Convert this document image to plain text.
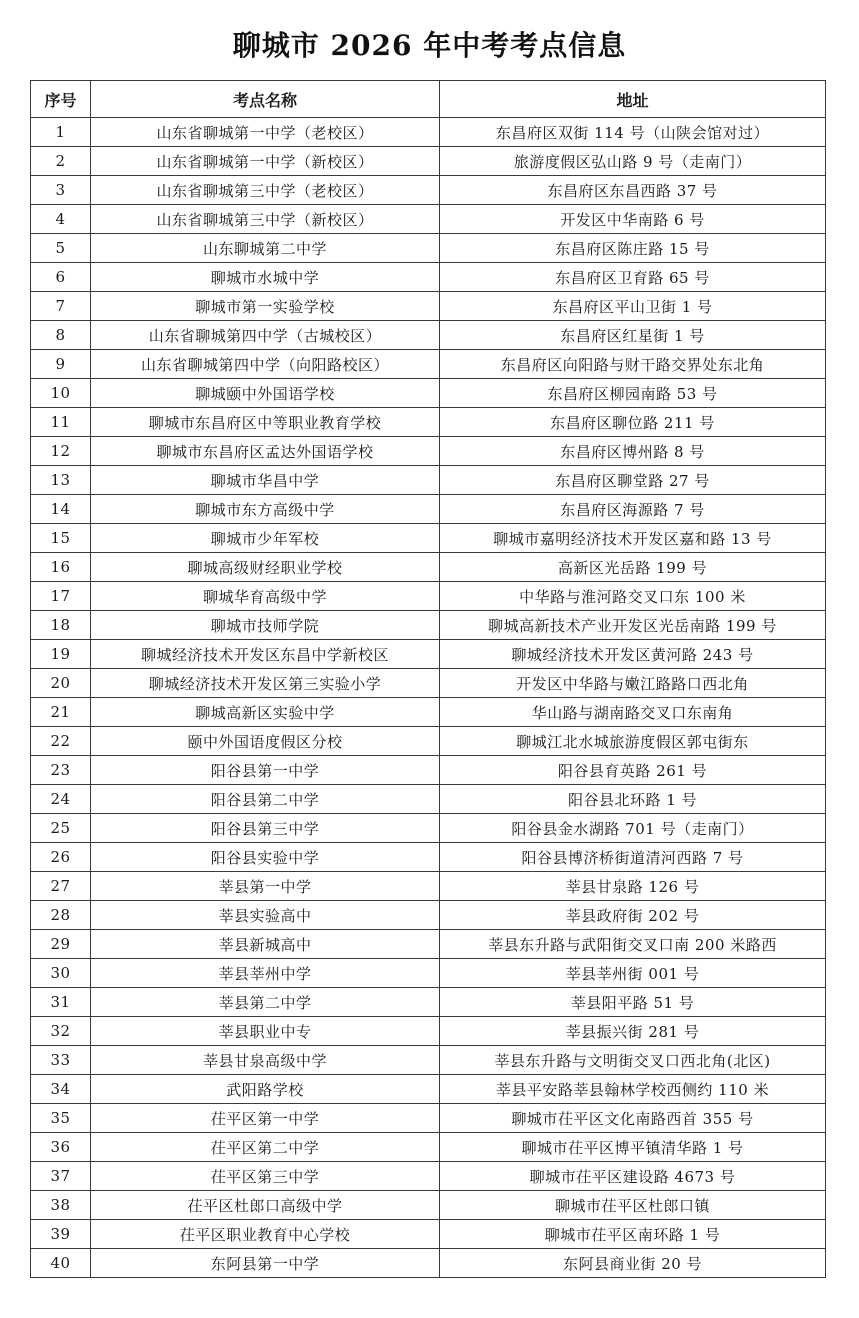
聊城市 2026 年中考考点信息
序号	考点名称	地址
1	山东省聊城第一中学（老校区）	东昌府区双街 114 号（山陕会馆对过）
2	山东省聊城第一中学（新校区）	旅游度假区弘山路 9 号（走南门）
3	山东省聊城第三中学（老校区）	东昌府区东昌西路 37 号
4	山东省聊城第三中学（新校区）	开发区中华南路 6 号
5	山东聊城第二中学	东昌府区陈庄路 15 号
6	聊城市水城中学	东昌府区卫育路 65 号
7	聊城市第一实验学校	东昌府区平山卫街 1 号
8	山东省聊城第四中学（古城校区）	东昌府区红星街 1 号
9	山东省聊城第四中学（向阳路校区）	东昌府区向阳路与财干路交界处东北角
10	聊城颐中外国语学校	东昌府区柳园南路 53 号
11	聊城市东昌府区中等职业教育学校	东昌府区聊位路 211 号
12	聊城市东昌府区孟达外国语学校	东昌府区博州路 8 号
13	聊城市华昌中学	东昌府区聊堂路 27 号
14	聊城市东方高级中学	东昌府区海源路 7 号
15	聊城市少年军校	聊城市嘉明经济技术开发区嘉和路 13 号
16	聊城高级财经职业学校	高新区光岳路 199 号
17	聊城华育高级中学	中华路与淮河路交叉口东 100 米
18	聊城市技师学院	聊城高新技术产业开发区光岳南路 199 号
19	聊城经济技术开发区东昌中学新校区	聊城经济技术开发区黄河路 243 号
20	聊城经济技术开发区第三实验小学	开发区中华路与嫩江路路口西北角
21	聊城高新区实验中学	华山路与湖南路交叉口东南角
22	颐中外国语度假区分校	聊城江北水城旅游度假区郭屯街东
23	阳谷县第一中学	阳谷县育英路 261 号
24	阳谷县第二中学	阳谷县北环路 1 号
25	阳谷县第三中学	阳谷县金水湖路 701 号（走南门）
26	阳谷县实验中学	阳谷县博济桥街道清河西路 7 号
27	莘县第一中学	莘县甘泉路 126 号
28	莘县实验高中	莘县政府街 202 号
29	莘县新城高中	莘县东升路与武阳街交叉口南 200 米路西
30	莘县莘州中学	莘县莘州街 001 号
31	莘县第二中学	莘县阳平路 51 号
32	莘县职业中专	莘县振兴街 281 号
33	莘县甘泉高级中学	莘县东升路与文明街交叉口西北角(北区)
34	武阳路学校	莘县平安路莘县翰林学校西侧约 110 米
35	茌平区第一中学	聊城市茌平区文化南路西首 355 号
36	茌平区第二中学	聊城市茌平区博平镇清华路 1 号
37	茌平区第三中学	聊城市茌平区建设路 4673 号
38	茌平区杜郎口高级中学	聊城市茌平区杜郎口镇
39	茌平区职业教育中心学校	聊城市茌平区南环路 1 号
40	东阿县第一中学	东阿县商业街 20 号
